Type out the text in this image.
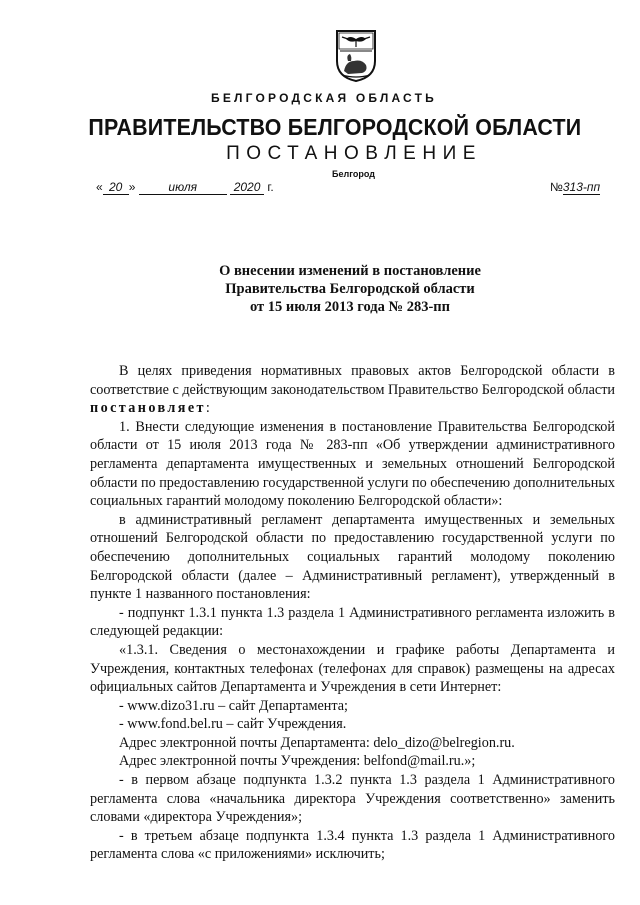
БЕЛГОРОДСКАЯ ОБЛАСТЬ
ПРАВИТЕЛЬСТВО БЕЛГОРОДСКОЙ ОБЛАСТИ
ПОСТАНОВЛЕНИЕ
Белгород
« 20 »	июля	2020 г.	№313-пп
О внесении изменений в постановление
Правительства Белгородской области
от 15 июля 2013 года № 283-пп

В целях приведения нормативных правовых актов Белгородской области в соответствие с действующим законодательством Правительство Белгородской области постановляет:

1. Внести следующие изменения в постановление Правительства Белгородской области от 15 июля 2013 года № 283-пп «Об утверждении административного регламента департамента имущественных и земельных отношений Белгородской области по предоставлению государственной услуги по обеспечению дополнительных социальных гарантий молодому поколению Белгородской области»:

в административный регламент департамента имущественных и земельных отношений Белгородской области по предоставлению государственной услуги по обеспечению дополнительных социальных гарантий молодому поколению Белгородской области (далее – Административный регламент), утвержденный в пункте 1 названного постановления:

- подпункт 1.3.1 пункта 1.3 раздела 1 Административного регламента изложить в следующей редакции:

«1.3.1. Сведения о местонахождении и графике работы Департамента и Учреждения, контактных телефонах (телефонах для справок) размещены на адресах официальных сайтов Департамента и Учреждения в сети Интернет:

- www.dizo31.ru – сайт Департамента;

- www.fond.bel.ru – сайт Учреждения.

Адрес электронной почты Департамента: delo_dizo@belregion.ru.

Адрес электронной почты Учреждения: belfond@mail.ru.»;

- в первом абзаце подпункта 1.3.2 пункта 1.3 раздела 1 Административного регламента слова «начальника директора Учреждения соответственно» заменить словами «директора Учреждения»;

- в третьем абзаце подпункта 1.3.4 пункта 1.3 раздела 1 Административного регламента слова «с приложениями» исключить;
